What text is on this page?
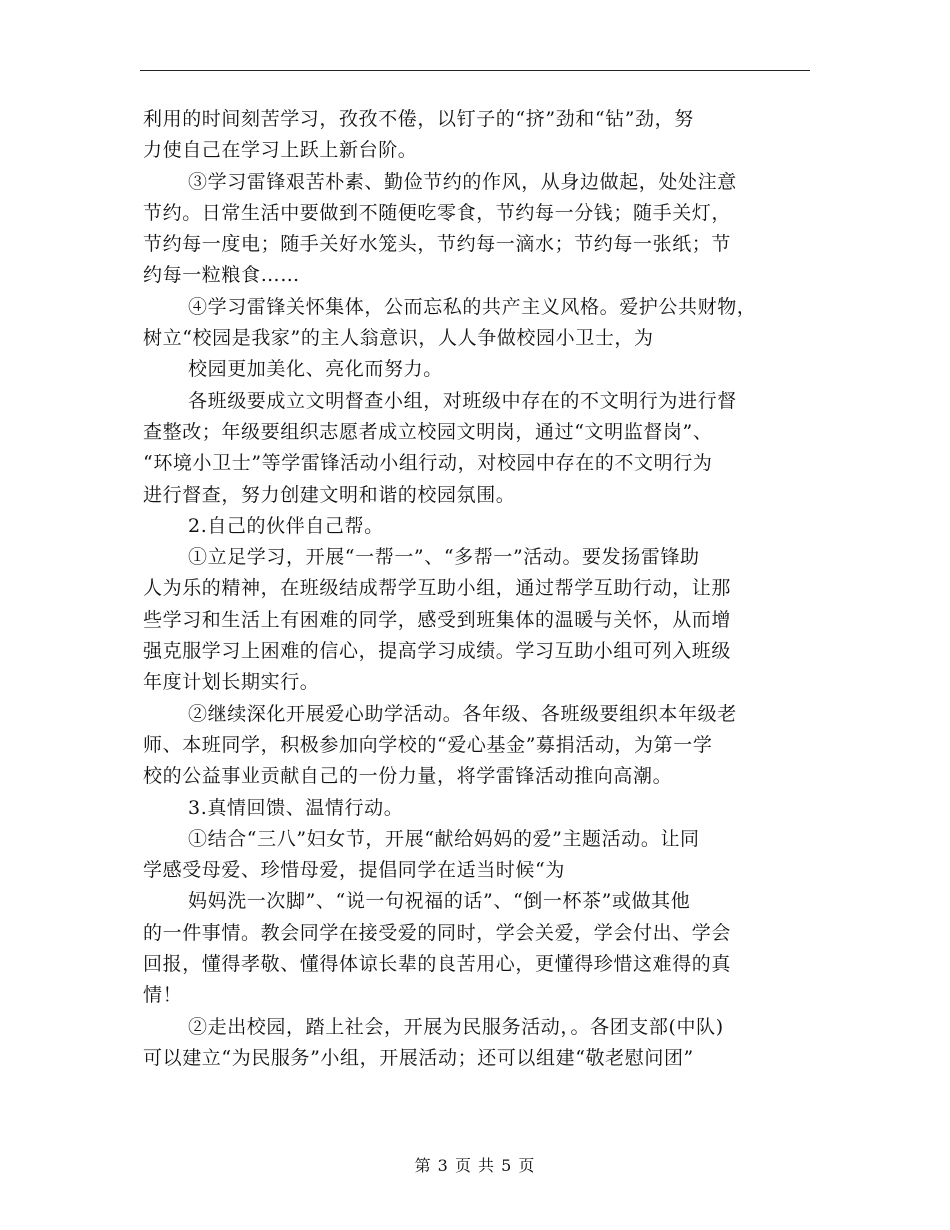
利用的时间刻苦学习，孜孜不倦，以钉子的“挤”劲和“钻”劲，努
力使自己在学习上跃上新台阶。
③学习雷锋艰苦朴素、勤俭节约的作风，从身边做起，处处注意
节约。日常生活中要做到不随便吃零食，节约每一分钱；随手关灯，
节约每一度电；随手关好水笼头，节约每一滴水；节约每一张纸；节
约每一粒粮食……
④学习雷锋关怀集体，公而忘私的共产主义风格。爱护公共财物，
树立“校园是我家”的主人翁意识，人人争做校园小卫士，为
校园更加美化、亮化而努力。
各班级要成立文明督查小组，对班级中存在的不文明行为进行督
查整改；年级要组织志愿者成立校园文明岗，通过“文明监督岗”、
“环境小卫士”等学雷锋活动小组行动，对校园中存在的不文明行为
进行督查，努力创建文明和谐的校园氛围。
2.自己的伙伴自己帮。
①立足学习，开展“一帮一”、“多帮一”活动。要发扬雷锋助
人为乐的精神，在班级结成帮学互助小组，通过帮学互助行动，让那
些学习和生活上有困难的同学，感受到班集体的温暖与关怀，从而增
强克服学习上困难的信心，提高学习成绩。学习互助小组可列入班级
年度计划长期实行。
②继续深化开展爱心助学活动。各年级、各班级要组织本年级老
师、本班同学，积极参加向学校的“爱心基金”募捐活动，为第一学
校的公益事业贡献自己的一份力量，将学雷锋活动推向高潮。
3.真情回馈、温情行动。
①结合“三八”妇女节，开展“献给妈妈的爱”主题活动。让同
学感受母爱、珍惜母爱，提倡同学在适当时候“为
妈妈洗一次脚”、“说一句祝福的话”、“倒一杯茶”或做其他
的一件事情。教会同学在接受爱的同时，学会关爱，学会付出、学会
回报，懂得孝敬、懂得体谅长辈的良苦用心，更懂得珍惜这难得的真
情！
②走出校园，踏上社会，开展为民服务活动，。各团支部(中队)
可以建立“为民服务”小组，开展活动；还可以组建“敬老慰问团”
第 3 页 共 5 页
